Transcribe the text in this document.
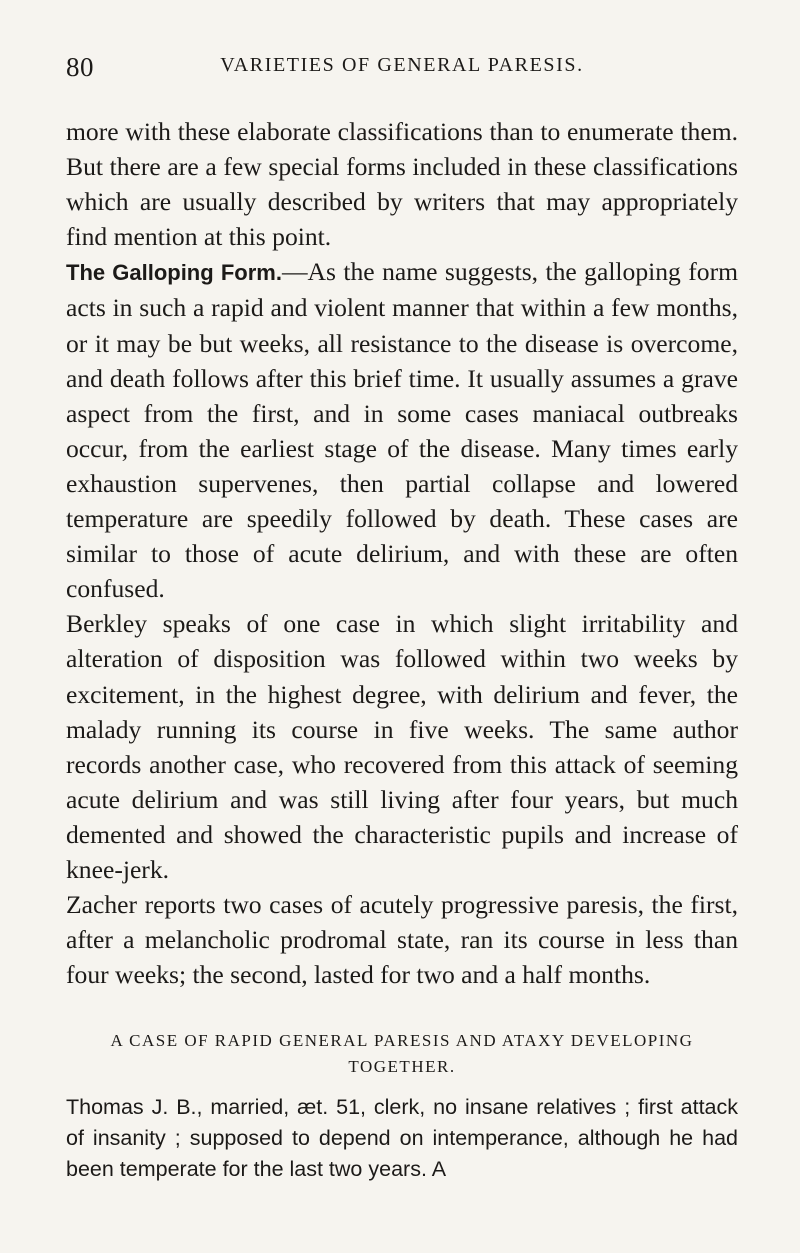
80	VARIETIES OF GENERAL PARESIS.

more with these elaborate classifications than to enumerate them. But there are a few special forms included in these classifications which are usually described by writers that may appropriately find mention at this point.

The Galloping Form.—As the name suggests, the galloping form acts in such a rapid and violent manner that within a few months, or it may be but weeks, all resistance to the disease is overcome, and death follows after this brief time. It usually assumes a grave aspect from the first, and in some cases maniacal outbreaks occur, from the earliest stage of the disease. Many times early exhaustion supervenes, then partial collapse and lowered temperature are speedily followed by death. These cases are similar to those of acute delirium, and with these are often confused.

Berkley speaks of one case in which slight irritability and alteration of disposition was followed within two weeks by excitement, in the highest degree, with delirium and fever, the malady running its course in five weeks. The same author records another case, who recovered from this attack of seeming acute delirium and was still living after four years, but much demented and showed the characteristic pupils and increase of knee-jerk.

Zacher reports two cases of acutely progressive paresis, the first, after a melancholic prodromal state, ran its course in less than four weeks; the second, lasted for two and a half months.

A CASE OF RAPID GENERAL PARESIS AND ATAXY DEVELOPING TOGETHER.
Thomas J. B., married, æt. 51, clerk, no insane relatives ; first attack of insanity ; supposed to depend on intemperance, although he had been temperate for the last two years. A
